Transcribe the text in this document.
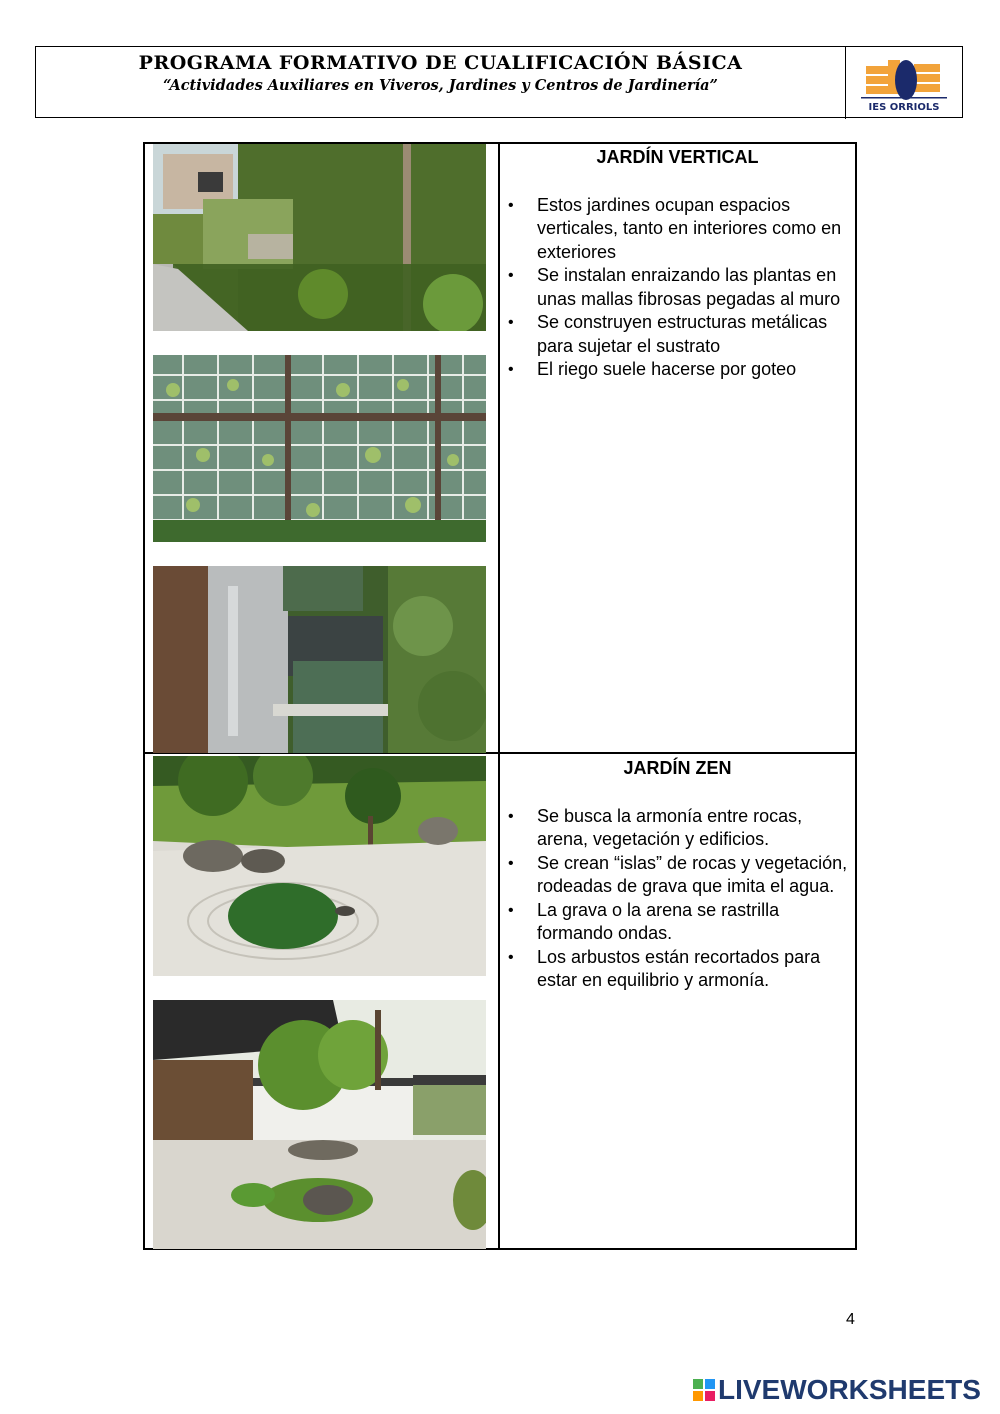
PROGRAMA FORMATIVO DE CUALIFICACIÓN BÁSICA
“Actividades Auxiliares en Viveros, Jardines y Centros de Jardinería”
IES ORRIOLS
JARDÍN VERTICAL
• Estos jardines ocupan espacios verticales, tanto en interiores como en exteriores
• Se instalan enraizando las plantas en unas mallas fibrosas pegadas al muro
• Se construyen estructuras metálicas para sujetar el sustrato
• El riego suele hacerse por goteo
JARDÍN ZEN
• Se busca la armonía entre rocas, arena, vegetación y edificios.
• Se crean “islas” de rocas y vegetación, rodeadas de grava que imita el agua.
• La grava o la arena se rastrilla formando ondas.
• Los arbustos están recortados para estar en equilibrio y armonía.
4
LIVEWORKSHEETS
